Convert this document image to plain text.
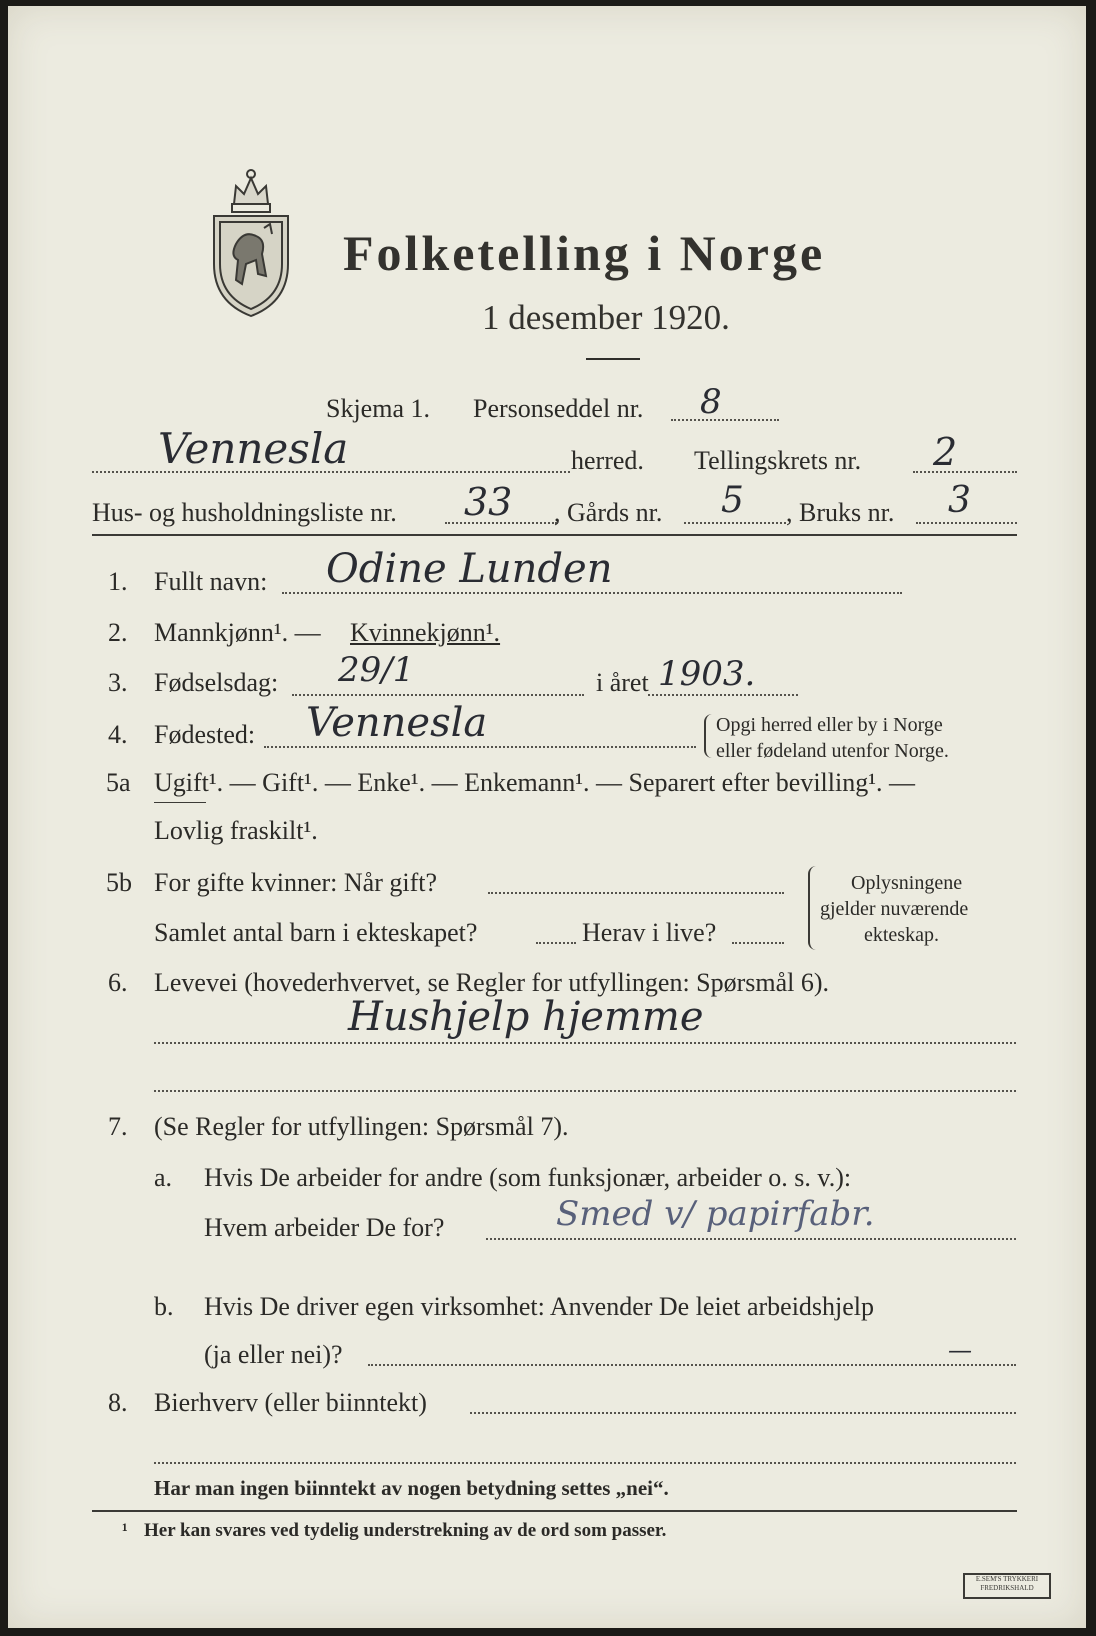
Folketelling i Norge
1 desember 1920.
Skjema 1. Personseddel nr. 8
Vennesla	herred. Tellingskrets nr. 2
Hus- og husholdningsliste nr. 33 , Gårds nr. 5 , Bruks nr. 3
1. Fullt navn: Odine Lunden
2. Mannkjønn¹. — Kvinnekjønn¹.
3. Fødselsdag: 29/1	i året 1903.
4. Fødested: Vennesla	Opgi herred eller by i Norge
eller fødeland utenfor Norge.
5a Ugift¹. — Gift¹. — Enke¹. — Enkemann¹. — Separert efter bevilling¹. —
Lovlig fraskilt¹.
5b For gifte kvinner: Når gift?
Samlet antal barn i ekteskapet?	Herav i live?
Oplysningene
gjelder nuværende
ekteskap.
6. Levevei (hovederhvervet, se Regler for utfyllingen: Spørsmål 6).
Hushjelp hjemme
7. (Se Regler for utfyllingen: Spørsmål 7).
a. Hvis De arbeider for andre (som funksjonær, arbeider o. s. v.):
Hvem arbeider De for?	Smed v/ papirfabr.
b. Hvis De driver egen virksomhet: Anvender De leiet arbeidshjelp
(ja eller nei)?	—
8. Bierhverv (eller biinntekt)
Har man ingen biinntekt av nogen betydning settes „nei“.
¹ Her kan svares ved tydelig understrekning av de ord som passer.
E.SEM'S TRYKKERI FREDRIKSHALD
